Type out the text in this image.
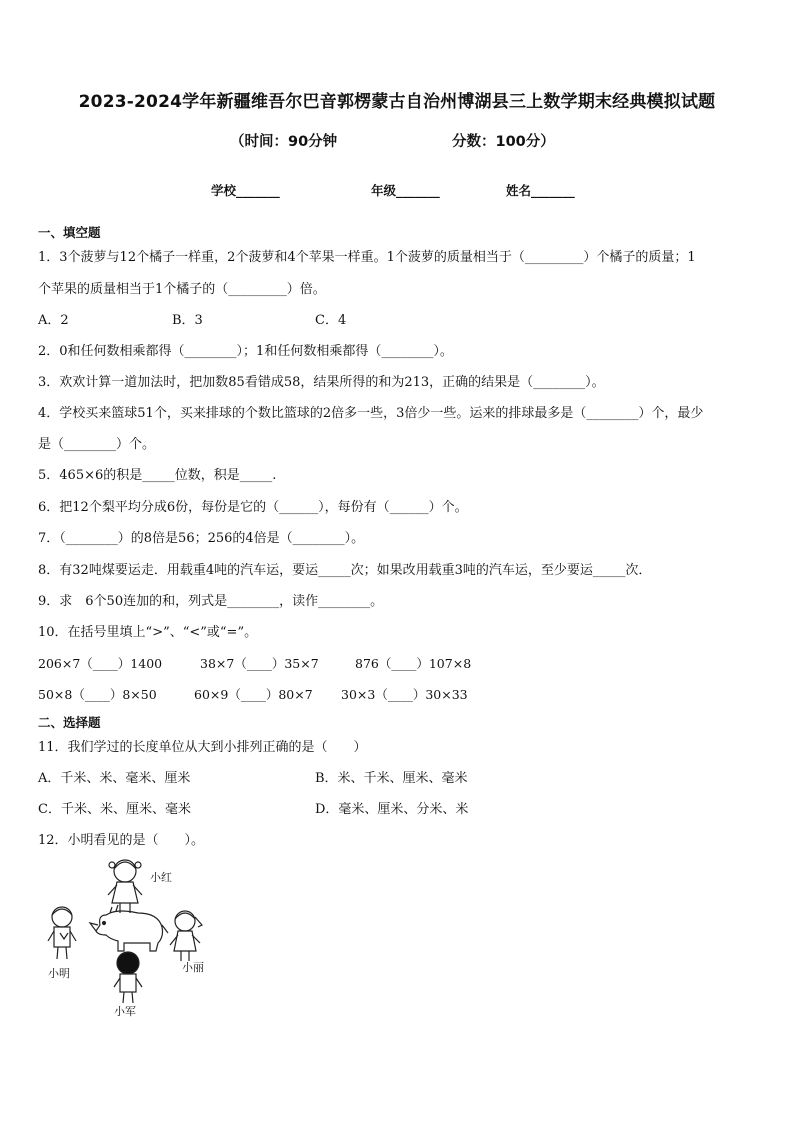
2023-2024学年新疆维吾尔巴音郭楞蒙古自治州博湖县三上数学期末经典模拟试题
（时间：90分钟	分数：100分）
学校_______	年级_______	姓名_______
一、填空题
1．3个菠萝与12个橘子一样重，2个菠萝和4个苹果一样重。1个菠萝的质量相当于（_________）个橘子的质量；1
个苹果的质量相当于1个橘子的（_________）倍。
A．2	B．3	C．4
2．0和任何数相乘都得（________）；1和任何数相乘都得（________）。
3．欢欢计算一道加法时，把加数85看错成58，结果所得的和为213，正确的结果是（________）。
4．学校买来篮球51个，买来排球的个数比篮球的2倍多一些，3倍少一些。运来的排球最多是（________）个，最少
是（________）个。
5．465×6的积是_____位数，积是_____.
6．把12个梨平均分成6份，每份是它的（______），每份有（______）个。
7．（________）的8倍是56；256的4倍是（________）。
8．有32吨煤要运走．用载重4吨的汽车运，要运_____次；如果改用载重3吨的汽车运，至少要运_____次．
9．求　6个50连加的和，列式是________，读作________。
10．在括号里填上“>”、“<”或“=”。
206×7（____）1400	38×7（____）35×7	876（____）107×8
50×8（____）8×50	60×9（____）80×7 30×3（____）30×33
二、选择题
11．我们学过的长度单位从大到小排列正确的是（　　）
A．千米、米、毫米、厘米	B．米、千米、厘米、毫米
C．千米、米、厘米、毫米	D．毫米、厘米、分米、米
12．小明看见的是（　　）。
小红
小明	小丽
小军
